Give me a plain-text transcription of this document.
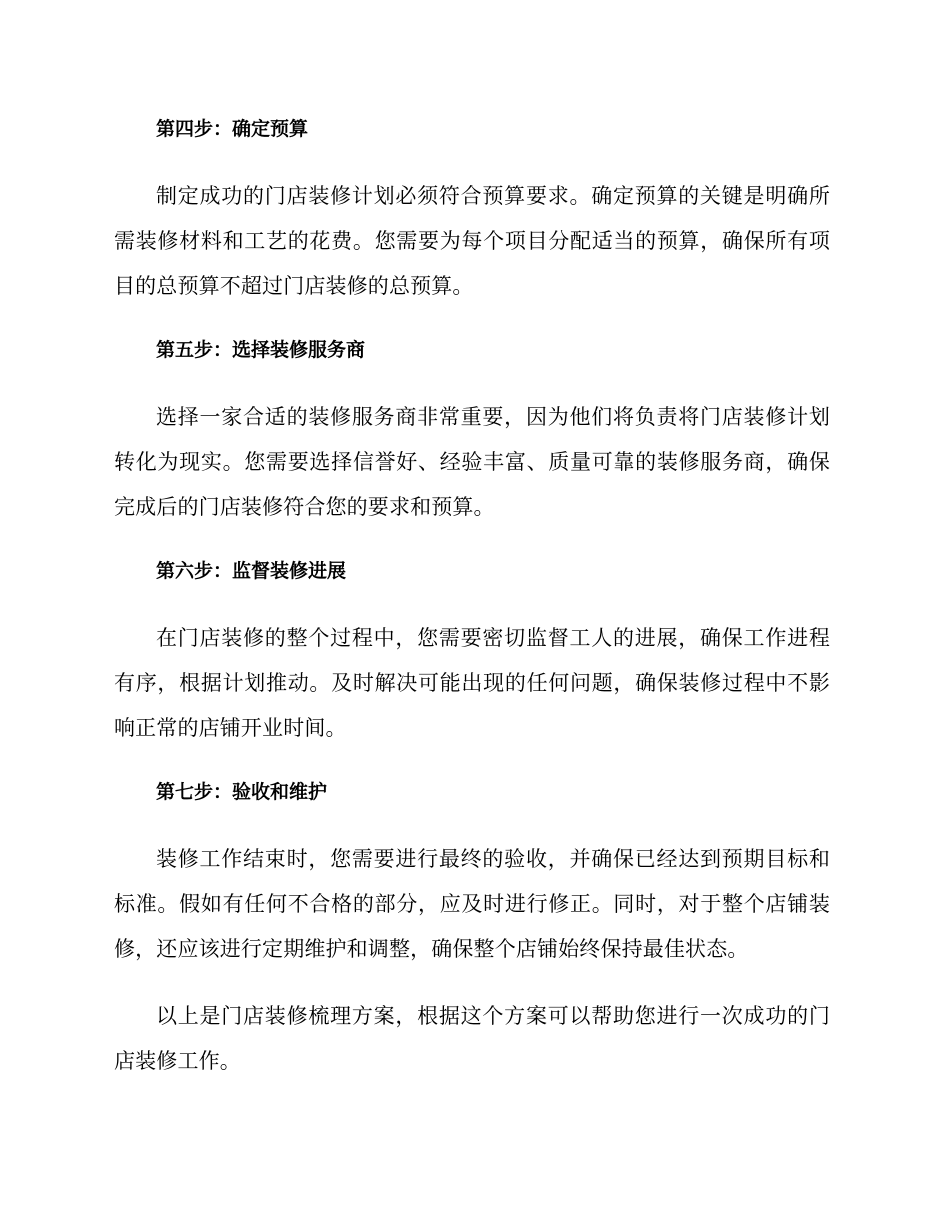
第四步：确定预算

制定成功的门店装修计划必须符合预算要求。确定预算的关键是明确所需装修材料和工艺的花费。您需要为每个项目分配适当的预算，确保所有项目的总预算不超过门店装修的总预算。

第五步：选择装修服务商

选择一家合适的装修服务商非常重要，因为他们将负责将门店装修计划转化为现实。您需要选择信誉好、经验丰富、质量可靠的装修服务商，确保完成后的门店装修符合您的要求和预算。

第六步：监督装修进展

在门店装修的整个过程中，您需要密切监督工人的进展，确保工作进程有序，根据计划推动。及时解决可能出现的任何问题，确保装修过程中不影响正常的店铺开业时间。

第七步：验收和维护

装修工作结束时，您需要进行最终的验收，并确保已经达到预期目标和标准。假如有任何不合格的部分，应及时进行修正。同时，对于整个店铺装修，还应该进行定期维护和调整，确保整个店铺始终保持最佳状态。

以上是门店装修梳理方案，根据这个方案可以帮助您进行一次成功的门店装修工作。
